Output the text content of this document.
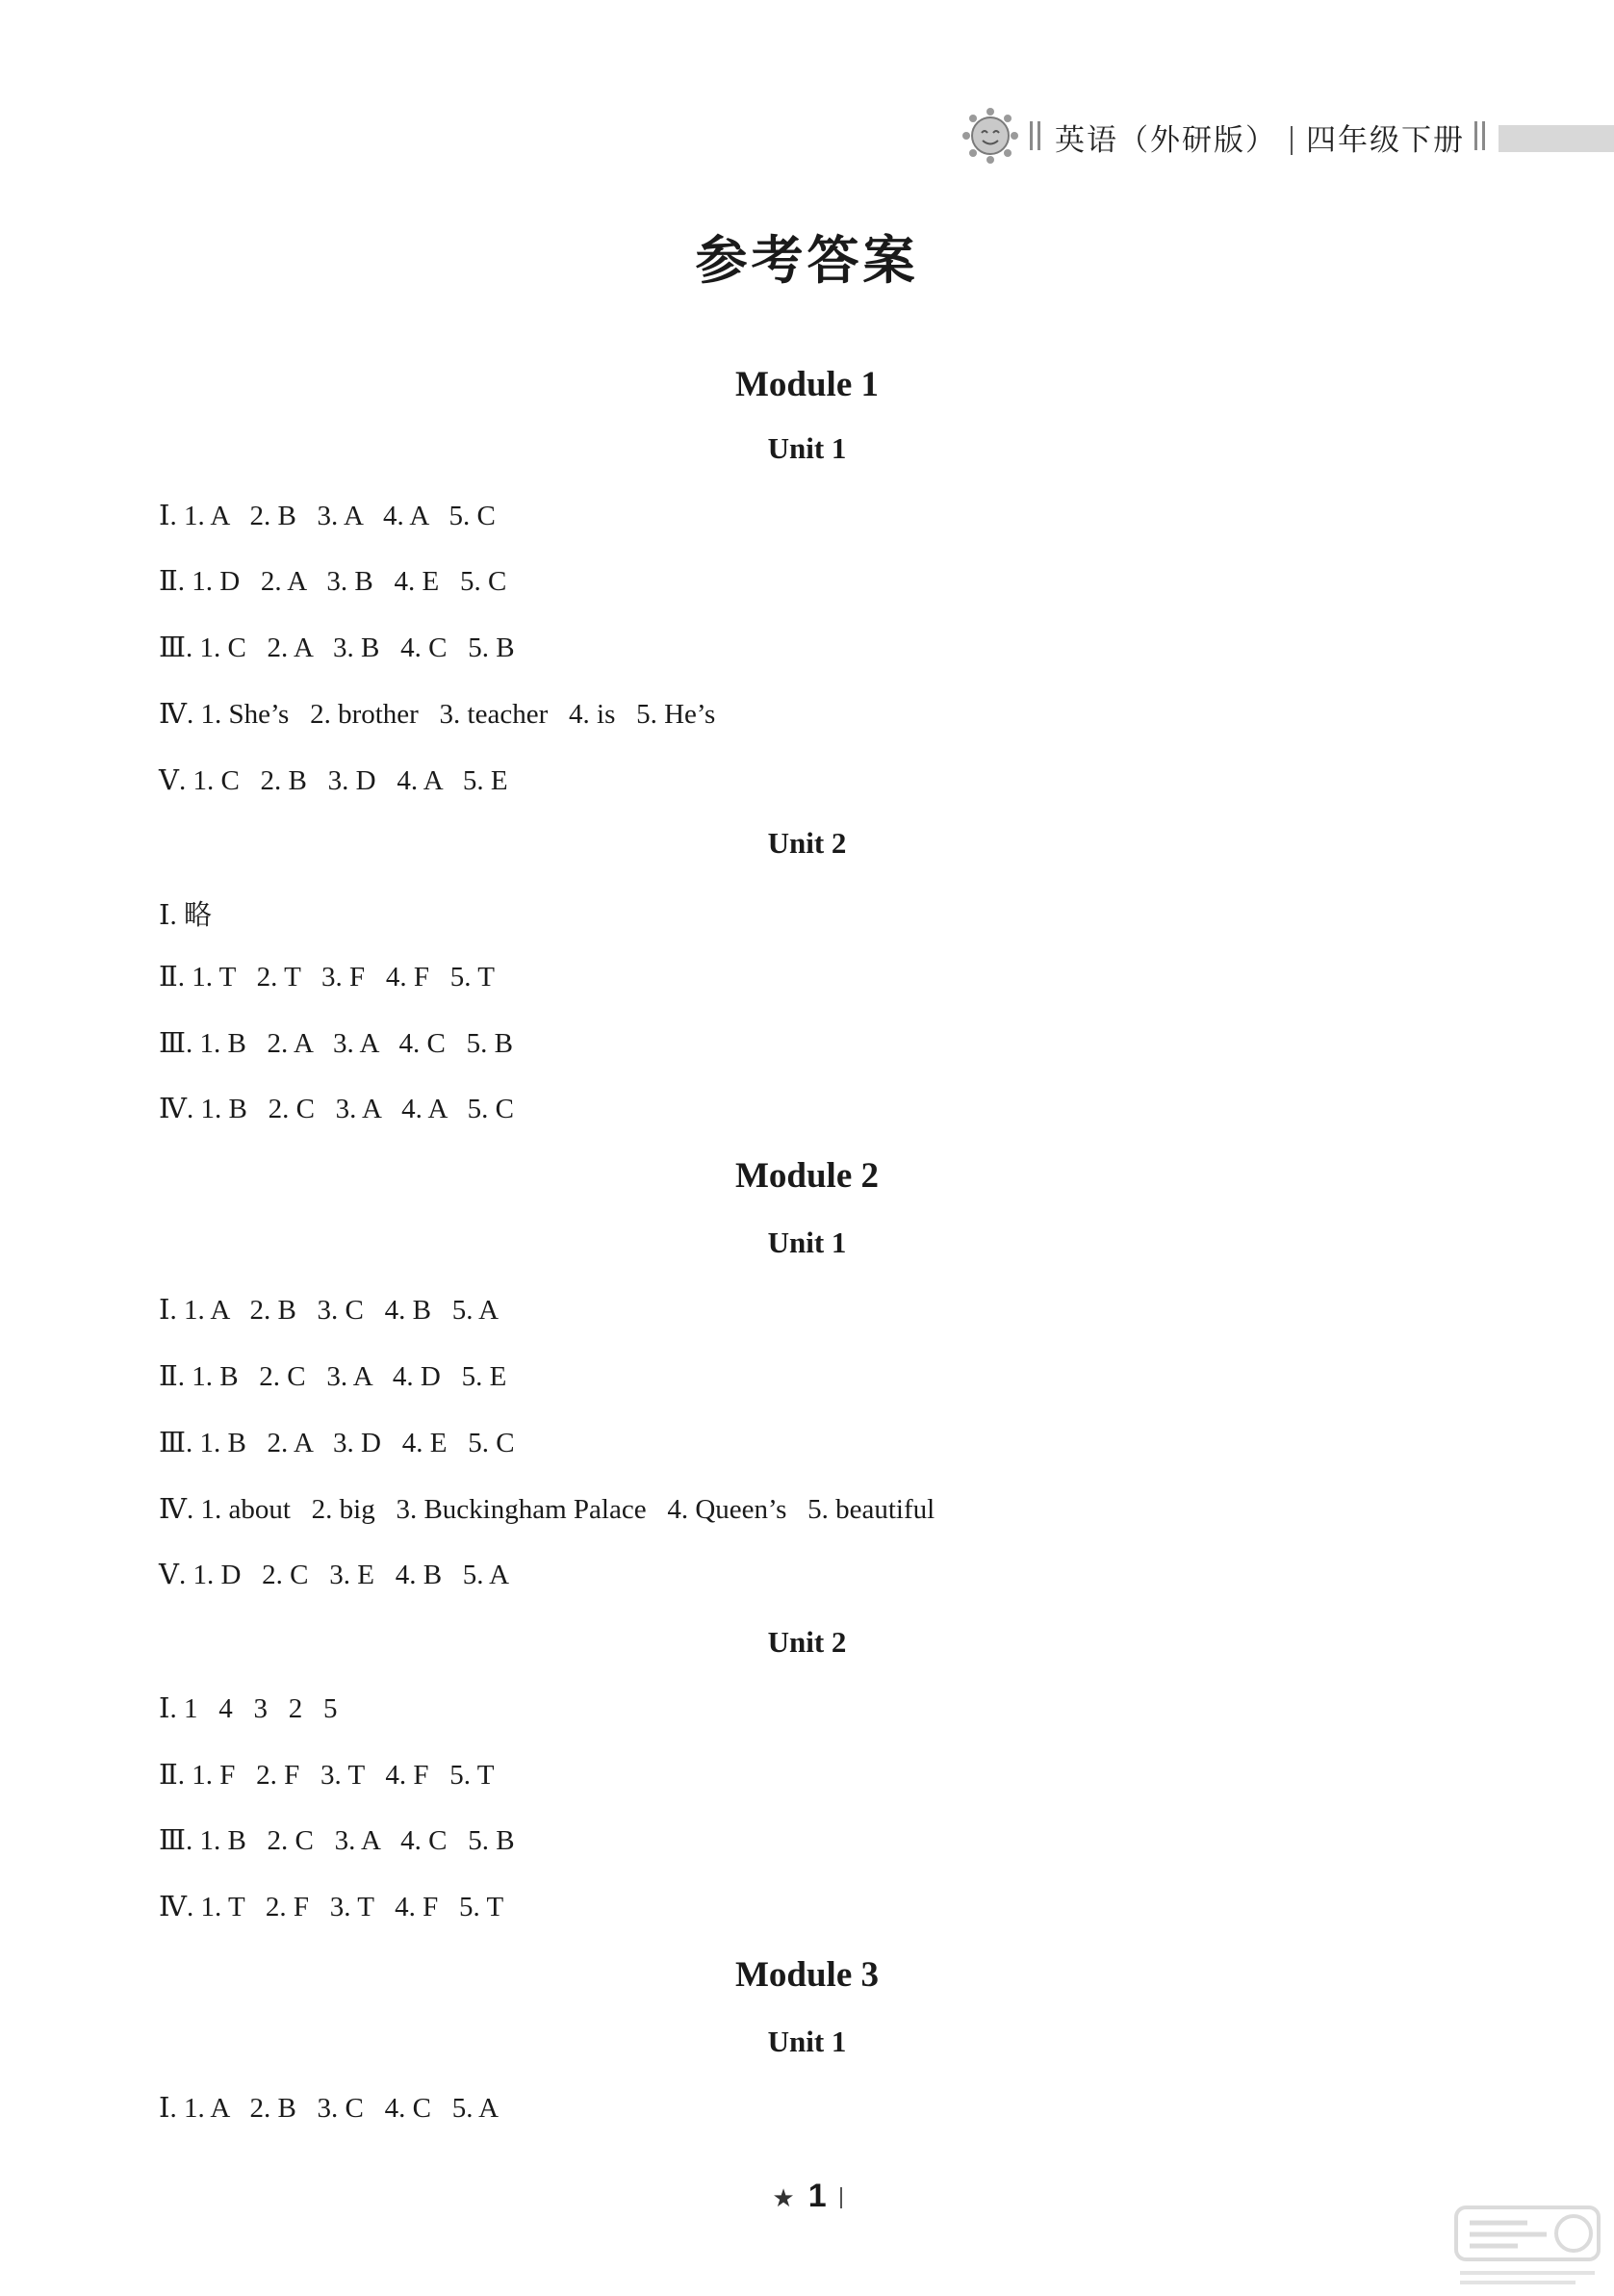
英语（外研版） 四年级下册
参考答案
Module 1
Unit 1
Ⅰ. 1. A   2. B   3. A   4. A   5. C
Ⅱ. 1. D   2. A   3. B   4. E   5. C
Ⅲ. 1. C   2. A   3. B   4. C   5. B
Ⅳ. 1. She’s   2. brother   3. teacher   4. is   5. He’s
Ⅴ. 1. C   2. B   3. D   4. A   5. E
Unit 2
Ⅰ. 略
Ⅱ. 1. T   2. T   3. F   4. F   5. T
Ⅲ. 1. B   2. A   3. A   4. C   5. B
Ⅳ. 1. B   2. C   3. A   4. A   5. C
Module 2
Unit 1
Ⅰ. 1. A   2. B   3. C   4. B   5. A
Ⅱ. 1. B   2. C   3. A   4. D   5. E
Ⅲ. 1. B   2. A   3. D   4. E   5. C
Ⅳ. 1. about   2. big   3. Buckingham Palace   4. Queen’s   5. beautiful
Ⅴ. 1. D   2. C   3. E   4. B   5. A
Unit 2
Ⅰ. 1   4   3   2   5
Ⅱ. 1. F   2. F   3. T   4. F   5. T
Ⅲ. 1. B   2. C   3. A   4. C   5. B
Ⅳ. 1. T   2. F   3. T   4. F   5. T
Module 3
Unit 1
Ⅰ. 1. A   2. B   3. C   4. C   5. A
★ 1
